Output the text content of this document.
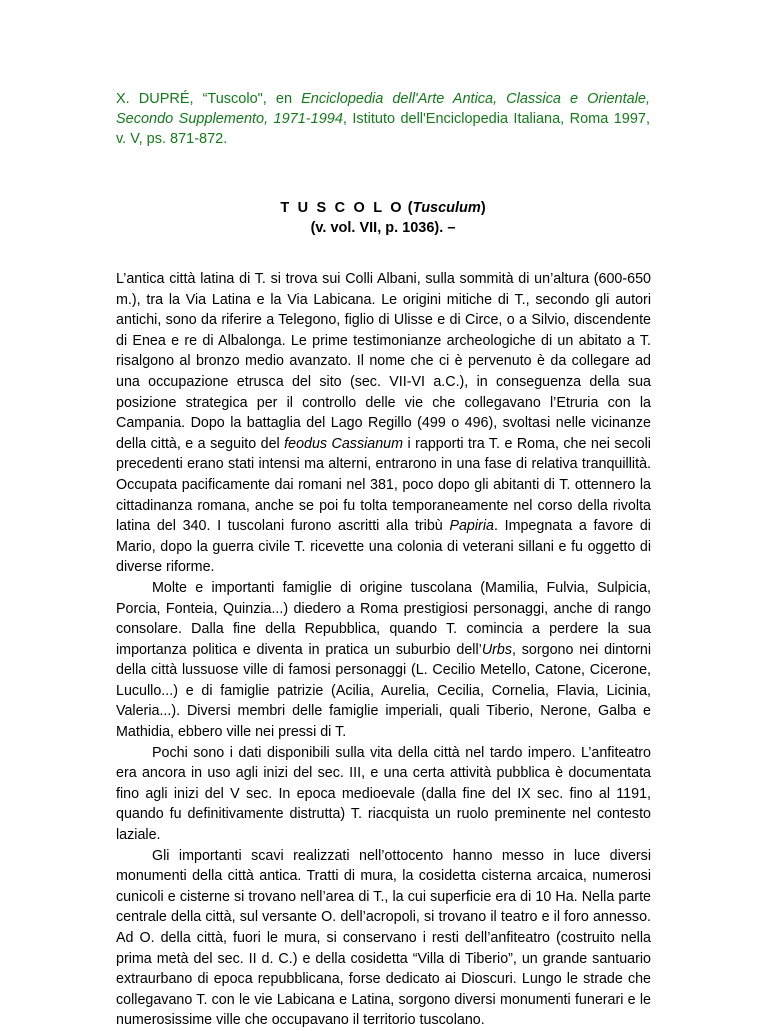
X. DUPRÉ, “Tuscolo", en Enciclopedia dell'Arte Antica, Classica e Orientale, Secondo Supplemento, 1971-1994, Istituto dell'Enciclopedia Italiana, Roma 1997, v. V, ps. 871-872.
T U S C O L O (Tusculum)
(v. vol. VII, p. 1036). –

L’antica città latina di T. si trova sui Colli Albani, sulla sommità di un’altura (600-650 m.), tra la Via Latina e la Via Labicana. Le origini mitiche di T., secondo gli autori antichi, sono da riferire a Telegono, figlio di Ulisse e di Circe, o a Silvio, discendente di Enea e re di Albalonga. Le prime testimonianze archeologiche di un abitato a T. risalgono al bronzo medio avanzato. Il nome che ci è pervenuto è da collegare ad una occupazione etrusca del sito (sec. VII-VI a.C.), in conseguenza della sua posizione strategica per il controllo delle vie che collegavano l’Etruria con la Campania. Dopo la battaglia del Lago Regillo (499 o 496), svoltasi nelle vicinanze della città, e a seguito del feodus Cassianum i rapporti tra T. e Roma, che nei secoli precedenti erano stati intensi ma alterni, entrarono in una fase di relativa tranquillità. Occupata pacificamente dai romani nel 381, poco dopo gli abitanti di T. ottennero la cittadinanza romana, anche se poi fu tolta temporaneamente nel corso della rivolta latina del 340. I tuscolani furono ascritti alla tribù Papiria. Impegnata a favore di Mario, dopo la guerra civile T. ricevette una colonia di veterani sillani e fu oggetto di diverse riforme.

Molte e importanti famiglie di origine tuscolana (Mamilia, Fulvia, Sulpicia, Porcia, Fonteia, Quinzia...) diedero a Roma prestigiosi personaggi, anche di rango consolare. Dalla fine della Repubblica, quando T. comincia a perdere la sua importanza politica e diventa in pratica un suburbio dell’Urbs, sorgono nei dintorni della città lussuose ville di famosi personaggi (L. Cecilio Metello, Catone, Cicerone, Lucullo...) e di famiglie patrizie (Acilia, Aurelia, Cecilia, Cornelia, Flavia, Licinia, Valeria...). Diversi membri delle famiglie imperiali, quali Tiberio, Nerone, Galba e Mathidia, ebbero ville nei pressi di T.

Pochi sono i dati disponibili sulla vita della città nel tardo impero. L’anfiteatro era ancora in uso agli inizi del sec. III, e una certa attività pubblica è documentata fino agli inizi del V sec. In epoca medioevale (dalla fine del IX sec. fino al 1191, quando fu definitivamente distrutta) T. riacquista un ruolo preminente nel contesto laziale.

Gli importanti scavi realizzati nell’ottocento hanno messo in luce diversi monumenti della città antica. Tratti di mura, la cosidetta cisterna arcaica, numerosi cunicoli e cisterne si trovano nell’area di T., la cui superficie era di 10 Ha. Nella parte centrale della città, sul versante O. dell’acropoli, si trovano il teatro e il foro annesso. Ad O. della città, fuori le mura, si conservano i resti dell’anfiteatro (costruito nella prima metà del sec. II d. C.) e della cosidetta “Villa di Tiberio”, un grande santuario extraurbano di epoca repubblicana, forse dedicato ai Dioscuri. Lungo le strade che collegavano T. con le vie Labicana e Latina, sorgono diversi monumenti funerari e le numerosissime ville che occupavano il territorio tuscolano.
